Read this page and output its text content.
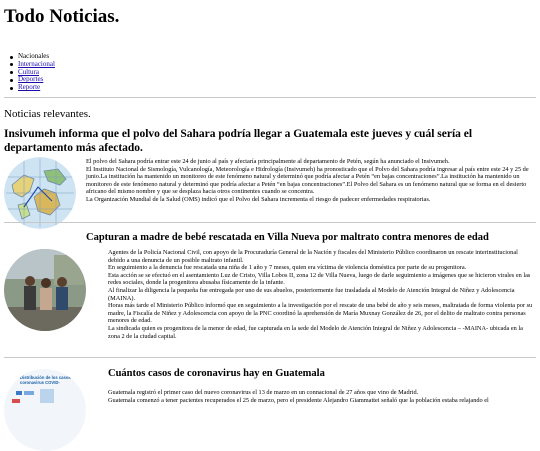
Todo Noticias.
Nacionales
Internacional
Cultura
Deportes
Reporte
Noticias relevantes.
Insivumeh informa que el polvo del Sahara podría llegar a Guatemala este jueves y cuál sería el departamento más afectado.

El polvo del Sahara podría entrar este 24 de junio al país y afectaría principalmente al departamento de Petén, según ha anunciado el Insivumeh.

El Instituto Nacional de Sismología, Vulcanología, Meteorología e Hidrología (Insivumeh) ha pronosticado que el Polvo del Sahara podría ingresar al país entre este 24 y 25 de junio.La institución ha mantenido un monitoreo de este fenómeno natural y determinó que podría afectar a Petén “en bajas concentraciones”.La institución ha mantenido un monitoreo de este fenómeno natural y determinó que podría afectar a Petén “en bajas concentraciones”.El Polvo del Sahara es un fenómeno natural que se forma en el desierto africano del mismo nombre y que se desplaza hacia otros continentes cuando se concentra.

La Organización Mundial de la Salud (OMS) indicó que el Polvo del Sahara incrementa el riesgo de padecer enfermedades respiratorias.

Capturan a madre de bebé rescatada en Villa Nueva por maltrato contra menores de edad

Agentes de la Policía Nacional Civil, con apoyo de la Procuraduría General de la Nación y fiscales del Ministerio Público coordinaron un rescate interinstitucional debido a una denuncia de un posible maltrato infantil.

En seguimiento a la denuncia fue rescatada una niña de 1 año y 7 meses, quien era víctima de violencia doméstica por parte de su progenitora.

Esta acción se se efectuó en el asentamiento Luz de Cristo, Villa Lobos II, zona 12 de Villa Nueva, luego de darle seguimiento a imágenes que se hicieron virales en las redes sociales, donde la progenitora abusaba físicamente de la infante.

Al finalizar la diligencia la pequeña fue entregada por uno de sus abuelos, posteriormente fue trasladada al Modelo de Atención Integral de Niñez y Adolescencia (MAINA).

Horas más tarde el Ministerio Público informó que en seguimiento a la investigación por el rescate de una bebé de año y seis meses, maltratada de forma violenta por su madre, la Fiscalía de Niñez y Adolescencia con apoyo de la PNC coordinó la aprehensión de María Muxnay González de 26, por el delito de maltrato contra personas menores de edad.

La sindicada quien es progenitora de la menor de edad, fue capturada en la sede del Modelo de Atención Integral de Niñez y Adolescencia – -MAINA- ubicada en la zona 2 de la ciudad capital.

Cuántos casos de coronavirus hay en Guatemala
Distribución de los casos de coronavirus COVID-

Guatemala registró el primer caso del nuevo coronavirus el 13 de marzo en un connacional de 27 años que vino de Madrid.

Guatemala comenzó a tener pacientes recuperados el 25 de marzo, pero el presidente Alejandro Giammattei señaló que la población estaba relajando el
